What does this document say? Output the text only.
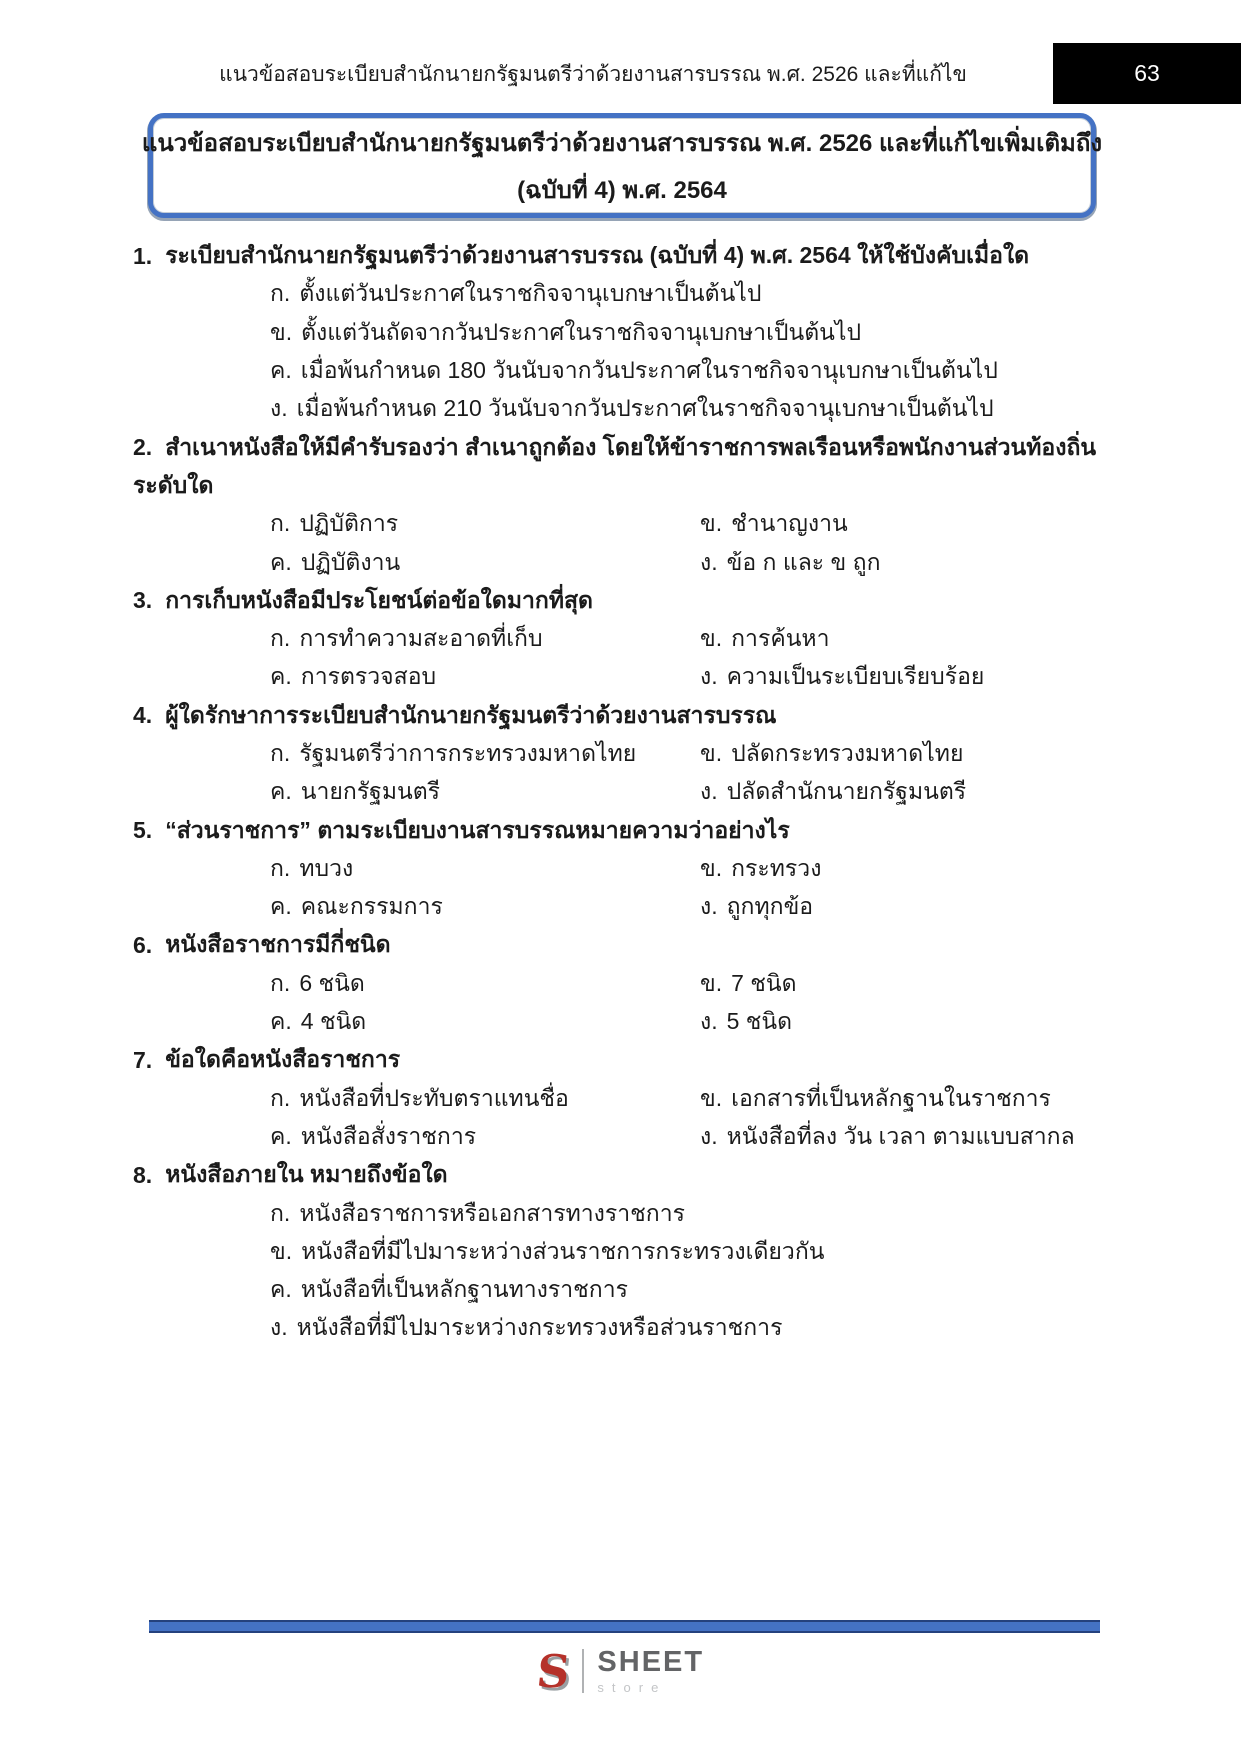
แนวข้อสอบระเบียบสำนักนายกรัฐมนตรีว่าด้วยงานสารบรรณ พ.ศ. 2526 และที่แก้ไข	63
แนวข้อสอบระเบียบสำนักนายกรัฐมนตรีว่าด้วยงานสารบรรณ พ.ศ. 2526 และที่แก้ไขเพิ่มเติมถึง
(ฉบับที่ 4) พ.ศ. 2564
1. ระเบียบสำนักนายกรัฐมนตรีว่าด้วยงานสารบรรณ (ฉบับที่ 4) พ.ศ. 2564 ให้ใช้บังคับเมื่อใด
ก. ตั้งแต่วันประกาศในราชกิจจานุเบกษาเป็นต้นไป
ข. ตั้งแต่วันถัดจากวันประกาศในราชกิจจานุเบกษาเป็นต้นไป
ค. เมื่อพ้นกำหนด 180 วันนับจากวันประกาศในราชกิจจานุเบกษาเป็นต้นไป
ง. เมื่อพ้นกำหนด 210 วันนับจากวันประกาศในราชกิจจานุเบกษาเป็นต้นไป
2. สำเนาหนังสือให้มีคำรับรองว่า สำเนาถูกต้อง โดยให้ข้าราชการพลเรือนหรือพนักงานส่วนท้องถิ่น
ระดับใด
ก. ปฏิบัติการ	ข. ชำนาญงาน
ค. ปฏิบัติงาน	ง. ข้อ ก และ ข ถูก
3. การเก็บหนังสือมีประโยชน์ต่อข้อใดมากที่สุด
ก. การทำความสะอาดที่เก็บ	ข. การค้นหา
ค. การตรวจสอบ	ง. ความเป็นระเบียบเรียบร้อย
4. ผู้ใดรักษาการระเบียบสำนักนายกรัฐมนตรีว่าด้วยงานสารบรรณ
ก. รัฐมนตรีว่าการกระทรวงมหาดไทย	ข. ปลัดกระทรวงมหาดไทย
ค. นายกรัฐมนตรี	ง. ปลัดสำนักนายกรัฐมนตรี
5. “ส่วนราชการ” ตามระเบียบงานสารบรรณหมายความว่าอย่างไร
ก. ทบวง	ข. กระทรวง
ค. คณะกรรมการ	ง. ถูกทุกข้อ
6. หนังสือราชการมีกี่ชนิด
ก. 6 ชนิด	ข. 7 ชนิด
ค. 4 ชนิด	ง. 5 ชนิด
7. ข้อใดคือหนังสือราชการ
ก. หนังสือที่ประทับตราแทนชื่อ	ข. เอกสารที่เป็นหลักฐานในราชการ
ค. หนังสือสั่งราชการ	ง. หนังสือที่ลง วัน เวลา ตามแบบสากล
8. หนังสือภายใน หมายถึงข้อใด
ก. หนังสือราชการหรือเอกสารทางราชการ
ข. หนังสือที่มีไปมาระหว่างส่วนราชการกระทรวงเดียวกัน
ค. หนังสือที่เป็นหลักฐานทางราชการ
ง. หนังสือที่มีไปมาระหว่างกระทรวงหรือส่วนราชการ
S SHEET
store
